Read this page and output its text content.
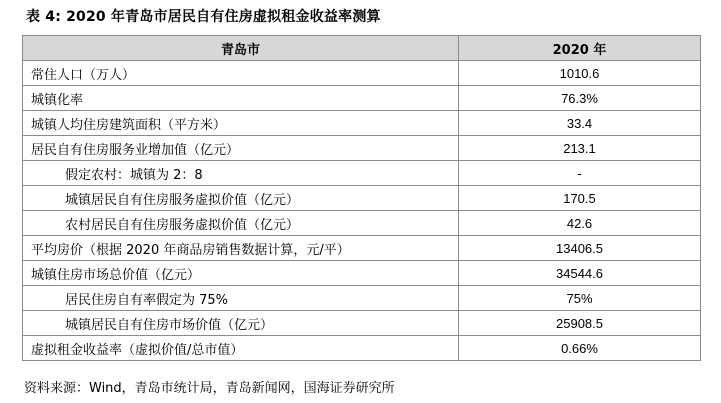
表 4: 2020 年青岛市居民自有住房虚拟租金收益率测算
青岛市	2020 年
常住人口（万人）	1010.6
城镇化率	76.3%
城镇人均住房建筑面积（平方米）	33.4
居民自有住房服务业增加值（亿元）	213.1
假定农村：城镇为 2：8	-
城镇居民自有住房服务虚拟价值（亿元）	170.5
农村居民自有住房服务虚拟价值（亿元）	42.6
平均房价（根据 2020 年商品房销售数据计算，元/平）	13406.5
城镇住房市场总价值（亿元）	34544.6
居民住房自有率假定为 75%	75%
城镇居民自有住房市场价值（亿元）	25908.5
虚拟租金收益率（虚拟价值/总市值）	0.66%
资料来源：Wind，青岛市统计局，青岛新闻网，国海证券研究所
